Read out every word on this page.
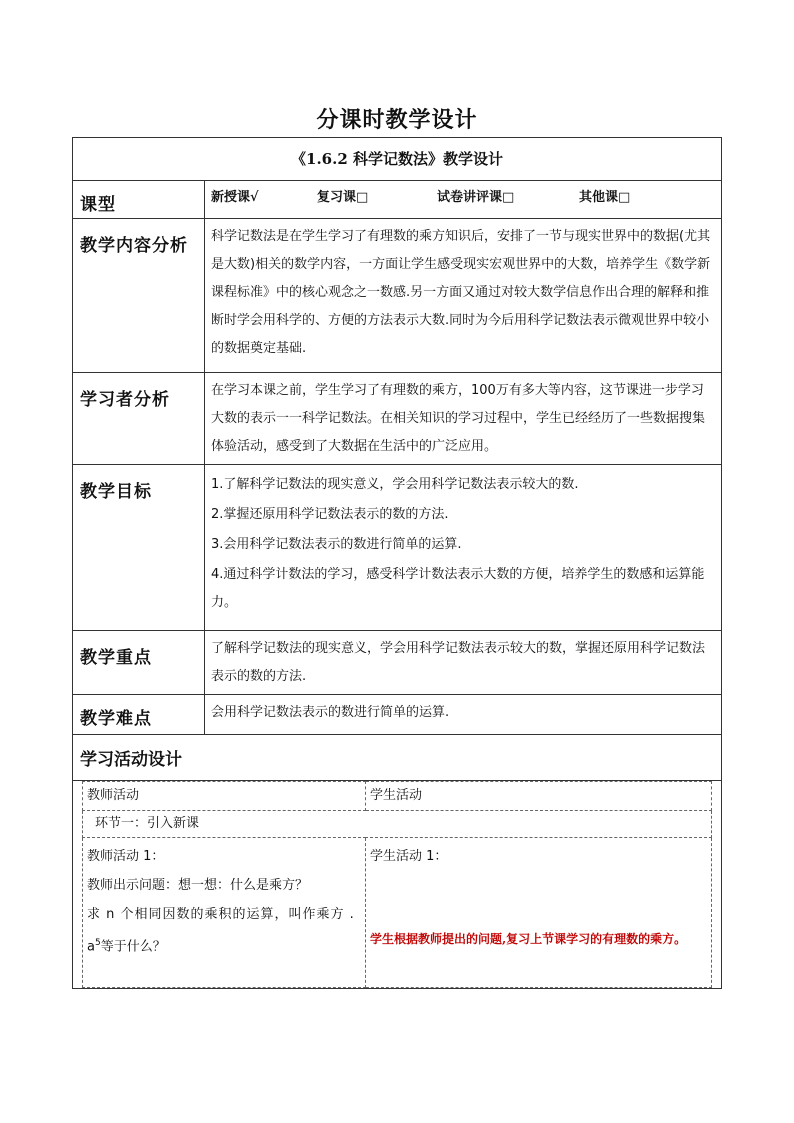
分课时教学设计
《1.6.2 科学记数法》教学设计
课型	新授课√	复习课□	试卷讲评课□	其他课□

教学内容分析	科学记数法是在学生学习了有理数的乘方知识后，安排了一节与现实世界中的数据(尤其是大数)相关的数学内容，一方面让学生感受现实宏观世界中的大数，培养学生《数学新课程标准》中的核心观念之一数感.另一方面又通过对较大数学信息作出合理的解释和推断时学会用科学的、方便的方法表示大数.同时为今后用科学记数法表示微观世界中较小的数据奠定基础.
学习者分析	在学习本课之前，学生学习了有理数的乘方，100万有多大等内容，这节课进一步学习大数的表示一一科学记数法。在相关知识的学习过程中，学生已经经历了一些数据搜集体验活动，感受到了大数据在生活中的广泛应用。
教学目标	1.了解科学记数法的现实意义，学会用科学记数法表示较大的数.

2.掌握还原用科学记数法表示的数的方法.

3.会用科学记数法表示的数进行简单的运算.

4.通过科学计数法的学习，感受科学计数法表示大数的方便，培养学生的数感和运算能力。

教学重点	了解科学记数法的现实意义，学会用科学记数法表示较大的数，掌握还原用科学记数法表示的数的方法.
教学难点	会用科学记数法表示的数进行简单的运算.
学习活动设计

教师活动	学生活动
环节一：引入新课

教师活动 1：
教师出示问题：想一想：什么是乘方？
求 n 个相同因数的乘积的运算，叫作乘方 .
$a^5$等于什么？

学生活动 1：
学生根据教师提出的问题,复习上节课学习的有理数的乘方。
